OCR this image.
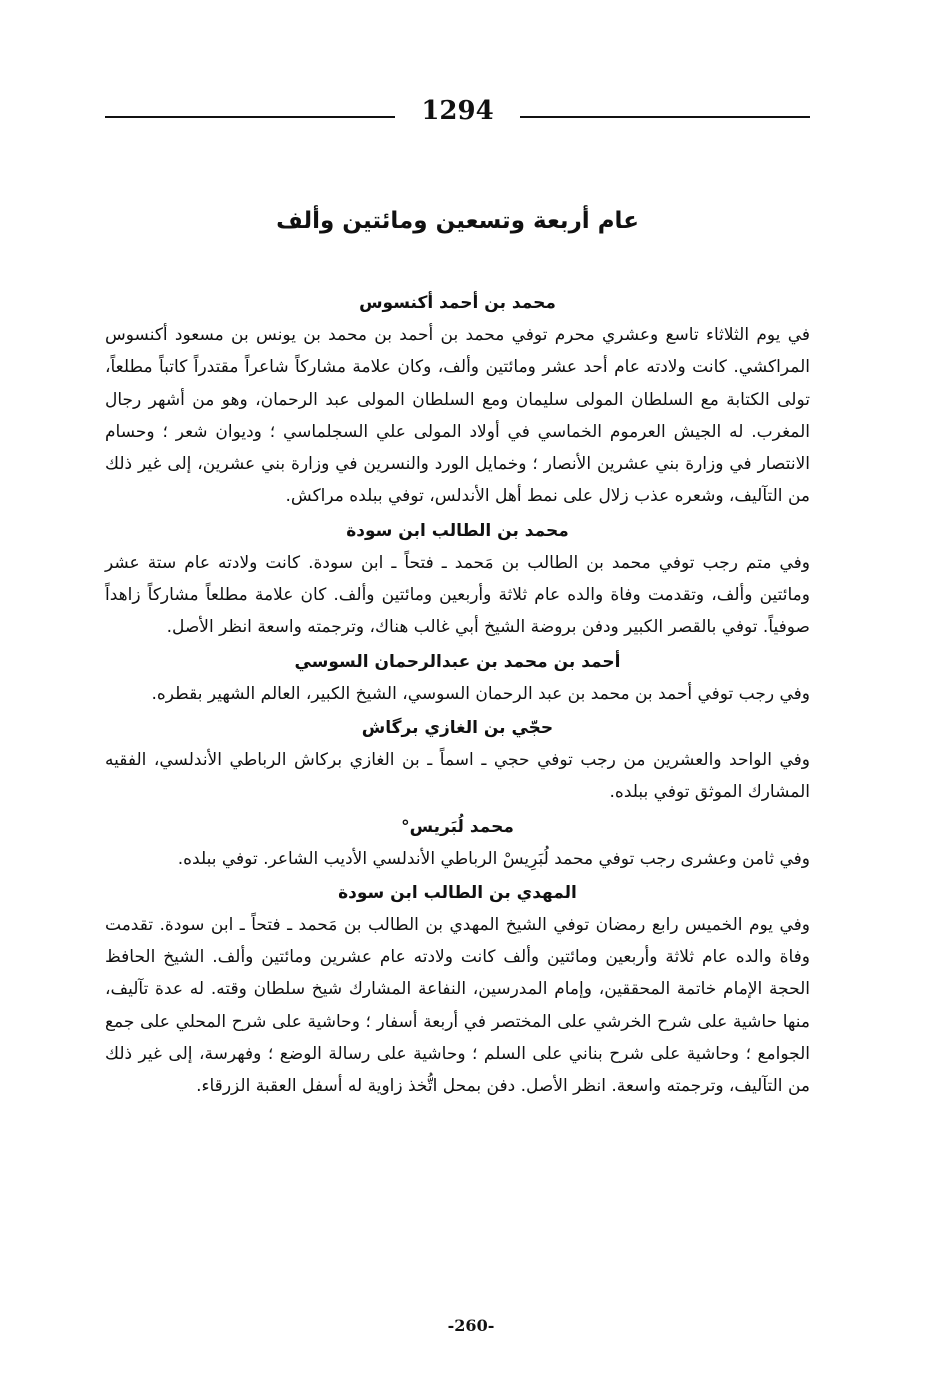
1294
عام أربعة وتسعين ومائتين وألف
محمد بن أحمد أكنسوس

في يوم الثلاثاء تاسع وعشري محرم توفي محمد بن أحمد بن محمد بن يونس بن مسعود أكنسوس المراكشي. كانت ولادته عام أحد عشر ومائتين وألف، وكان علامة مشاركاً شاعراً مقتدراً كاتباً مطلعاً، تولى الكتابة مع السلطان المولى سليمان ومع السلطان المولى عبد الرحمان، وهو من أشهر رجال المغرب. له الجيش العرموم الخماسي في أولاد المولى علي السجلماسي ؛ وديوان شعر ؛ وحسام الانتصار في وزارة بني عشرين الأنصار ؛ وخمايل الورد والنسرين في وزارة بني عشرين، إلى غير ذلك من التآليف، وشعره عذب زلال على نمط أهل الأندلس، توفي ببلده مراكش.

محمد بن الطالب ابن سودة

وفي متم رجب توفي محمد بن الطالب بن مَحمد ـ فتحاً ـ ابن سودة. كانت ولادته عام ستة عشر ومائتين وألف، وتقدمت وفاة والده عام ثلاثة وأربعين ومائتين وألف. كان علامة مطلعاً مشاركاً زاهداً صوفياً. توفي بالقصر الكبير ودفن بروضة الشيخ أبي غالب هناك، وترجمته واسعة انظر الأصل.

أحمد بن محمد بن عبدالرحمان السوسي

وفي رجب توفي أحمد بن محمد بن عبد الرحمان السوسي، الشيخ الكبير، العالم الشهير بقطره.

حجّي بن الغازي برگاش

وفي الواحد والعشرين من رجب توفي حجي ـ اسماً ـ بن الغازي بركاش الرباطي الأندلسي، الفقيه المشارك الموثق توفي ببلده.

محمد لُبَريس°

وفي ثامن وعشرى رجب توفي محمد لُبَرِيسْ الرباطي الأندلسي الأديب الشاعر. توفي ببلده.

المهدي بن الطالب ابن سودة

وفي يوم الخميس رابع رمضان توفي الشيخ المهدي بن الطالب بن مَحمد ـ فتحاً ـ ابن سودة. تقدمت وفاة والده عام ثلاثة وأربعين ومائتين وألف كانت ولادته عام عشرين ومائتين وألف. الشيخ الحافظ الحجة الإمام خاتمة المحققين، وإمام المدرسين، النفاعة المشارك شيخ سلطان وقته. له عدة تآليف، منها حاشية على شرح الخرشي على المختصر في أربعة أسفار ؛ وحاشية على شرح المحلي على جمع الجوامع ؛ وحاشية على شرح بناني على السلم ؛ وحاشية على رسالة الوضع ؛ وفهرسة، إلى غير ذلك من التآليف، وترجمته واسعة. انظر الأصل. دفن بمحل اتُّخذ زاوية له أسفل العقبة الزرقاء.

-260-
